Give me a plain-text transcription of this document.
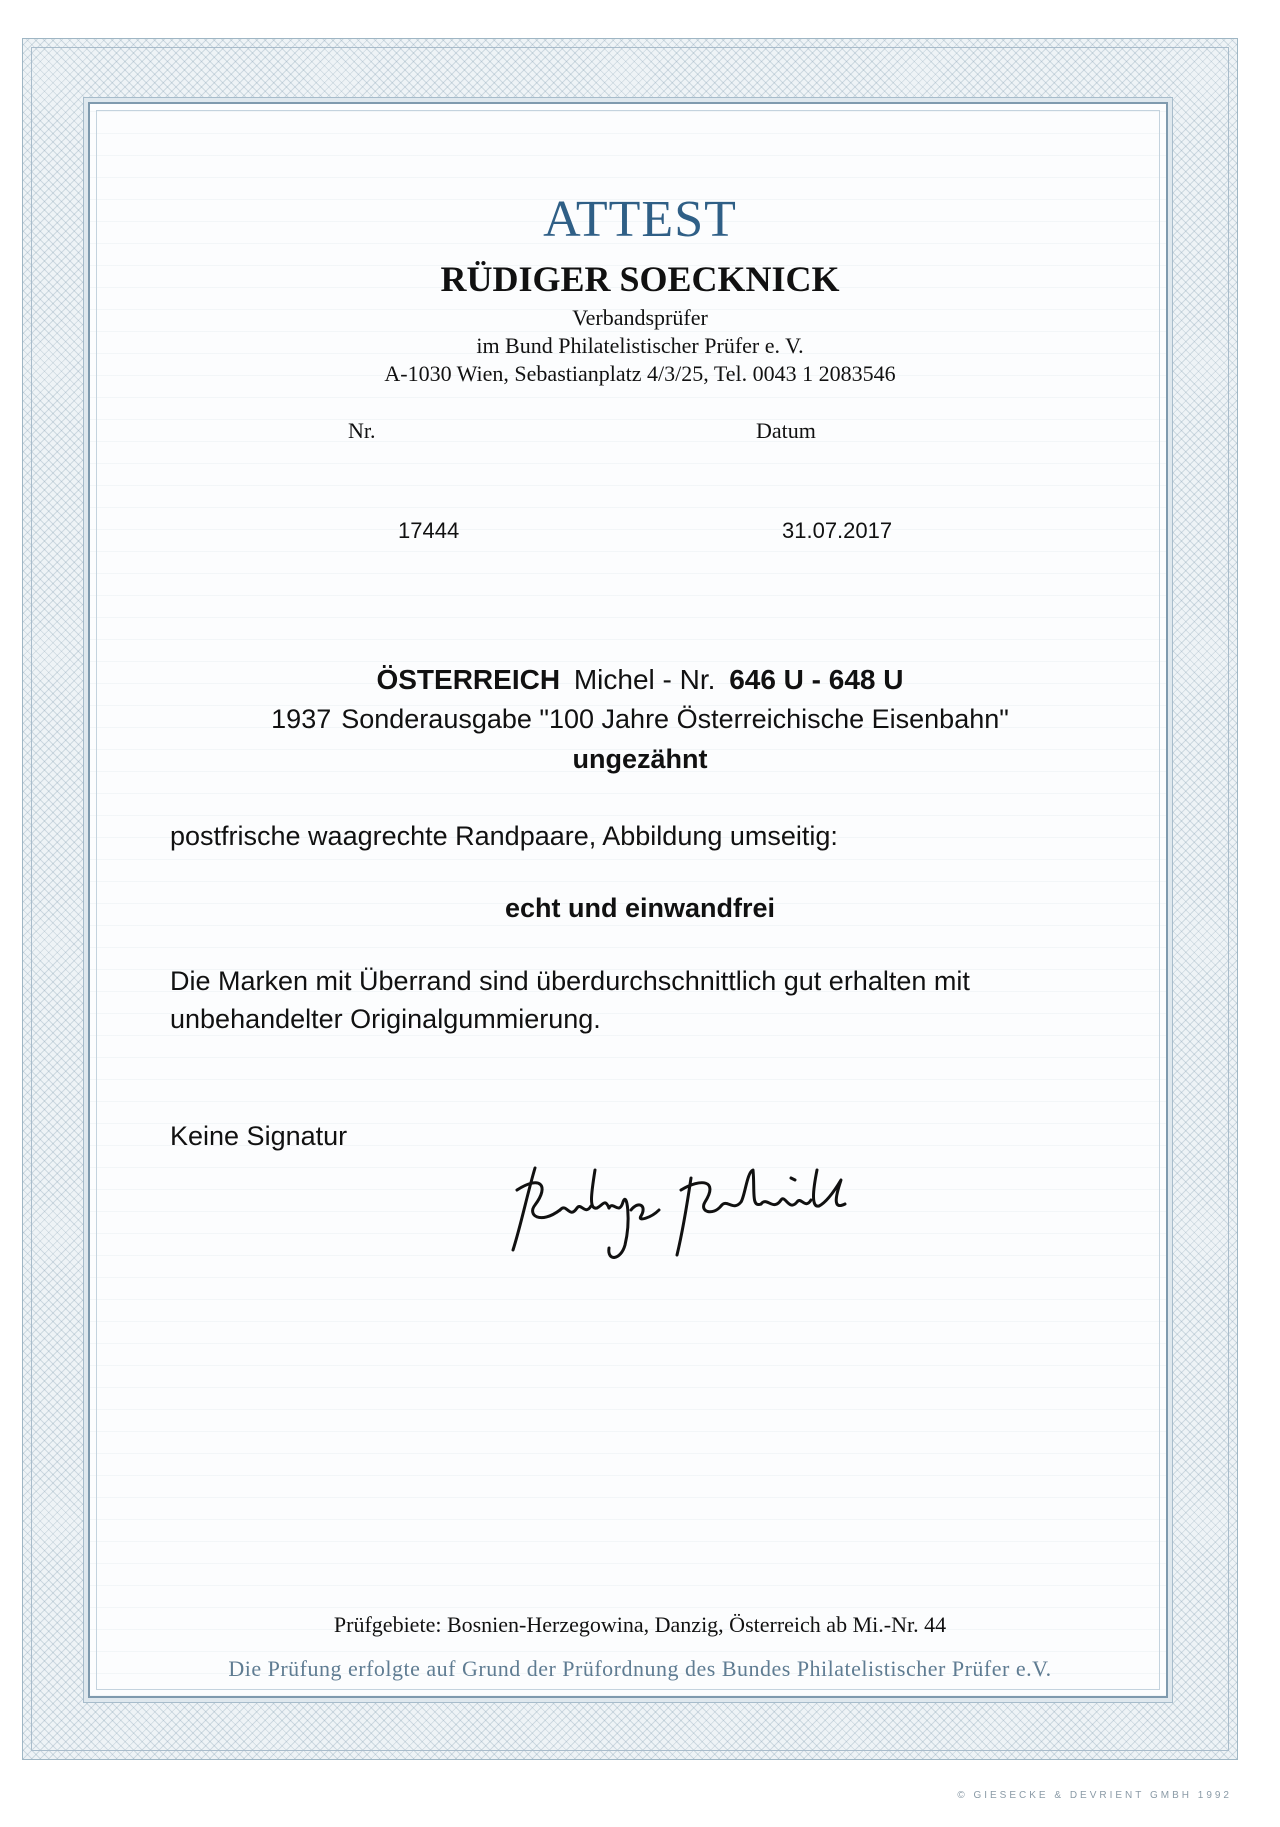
ATTEST
RÜDIGER SOECKNICK
Verbandsprüfer
im Bund Philatelistischer Prüfer e. V.
A-1030 Wien, Sebastianplatz 4/3/25, Tel. 0043 1 2083546
Nr.	Datum
17444	31.07.2017
ÖSTERREICH Michel - Nr. 646 U - 648 U
1937 Sonderausgabe "100 Jahre Österreichische Eisenbahn"
ungezähnt
postfrische waagrechte Randpaare, Abbildung umseitig:
echt und einwandfrei
Die Marken mit Überrand sind überdurchschnittlich gut erhalten mit
unbehandelter Originalgummierung.
Keine Signatur
Prüfgebiete: Bosnien-Herzegowina, Danzig, Österreich ab Mi.-Nr. 44
Die Prüfung erfolgte auf Grund der Prüfordnung des Bundes Philatelistischer Prüfer e.V.
© GIESECKE & DEVRIENT GMBH 1992
